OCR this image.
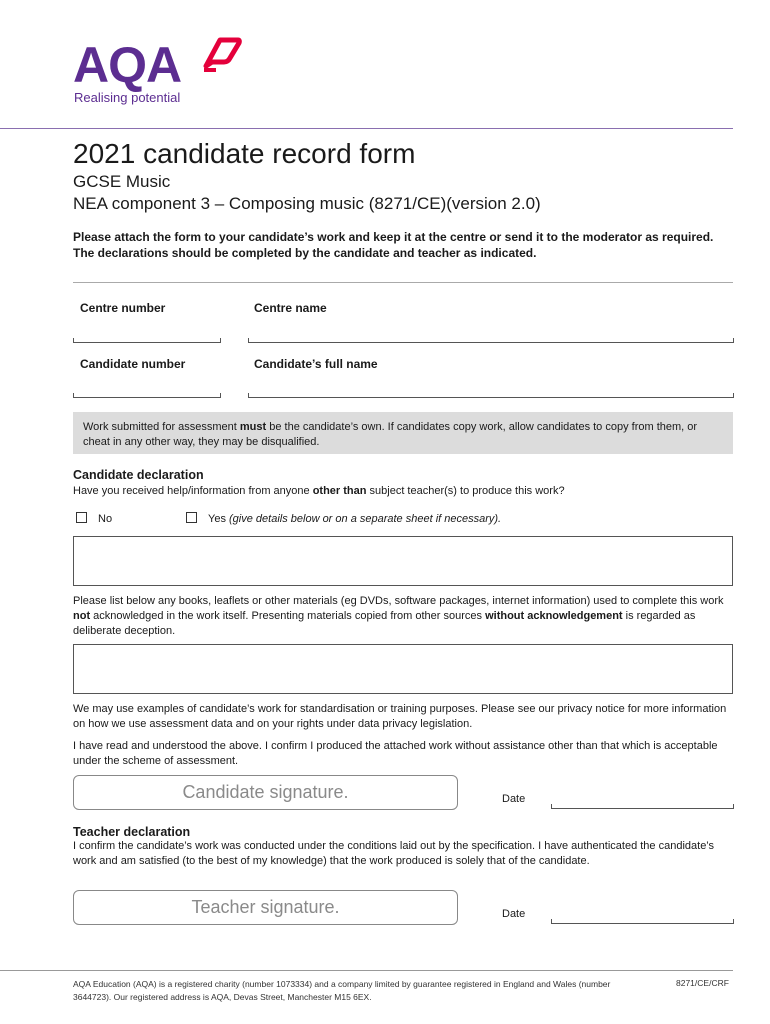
AQA
Realising potential
2021 candidate record form
GCSE Music
NEA component 3 – Composing music (8271/CE)(version 2.0)
Please attach the form to your candidate’s work and keep it at the centre or send it to the moderator as required. The declarations should be completed by the candidate and teacher as indicated.
Centre number	Centre name
Candidate number	Candidate’s full name
Work submitted for assessment must be the candidate’s own. If candidates copy work, allow candidates to copy from them, or cheat in any other way, they may be disqualified.
Candidate declaration
Have you received help/information from anyone other than subject teacher(s) to produce this work?
No	Yes (give details below or on a separate sheet if necessary).
Please list below any books, leaflets or other materials (eg DVDs, software packages, internet information) used to complete this work not acknowledged in the work itself. Presenting materials copied from other sources without acknowledgement is regarded as deliberate deception.
We may use examples of candidate’s work for standardisation or training purposes. Please see our privacy notice for more information on how we use assessment data and on your rights under data privacy legislation.
I have read and understood the above. I confirm I produced the attached work without assistance other than that which is acceptable under the scheme of assessment.
Candidate signature.	Date
Teacher declaration
I confirm the candidate’s work was conducted under the conditions laid out by the specification. I have authenticated the candidate’s work and am satisfied (to the best of my knowledge) that the work produced is solely that of the candidate.
Teacher signature.	Date
AQA Education (AQA) is a registered charity (number 1073334) and a company limited by guarantee registered in England and Wales (number 3644723). Our registered address is AQA, Devas Street, Manchester M15 6EX.
8271/CE/CRF
